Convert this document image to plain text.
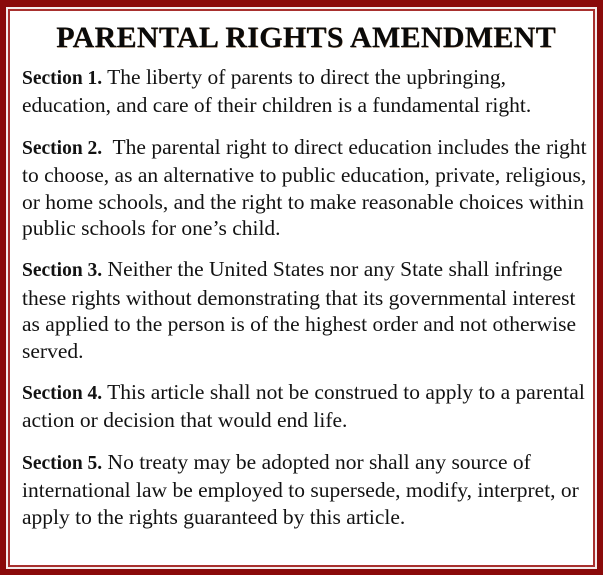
PARENTAL RIGHTS AMENDMENT

Section 1. The liberty of parents to direct the upbringing, education, and care of their children is a fundamental right.

Section 2.  The parental right to direct education includes the right to choose, as an alternative to public education, private, religious, or home schools, and the right to make reasonable choices within public schools for one’s child.

Section 3. Neither the United States nor any State shall infringe these rights without demonstrating that its governmental interest as applied to the person is of the highest order and not otherwise served.

Section 4. This article shall not be construed to apply to a parental action or decision that would end life.

Section 5. No treaty may be adopted nor shall any source of international law be employed to supersede, modify, interpret, or apply to the rights guaranteed by this article.
